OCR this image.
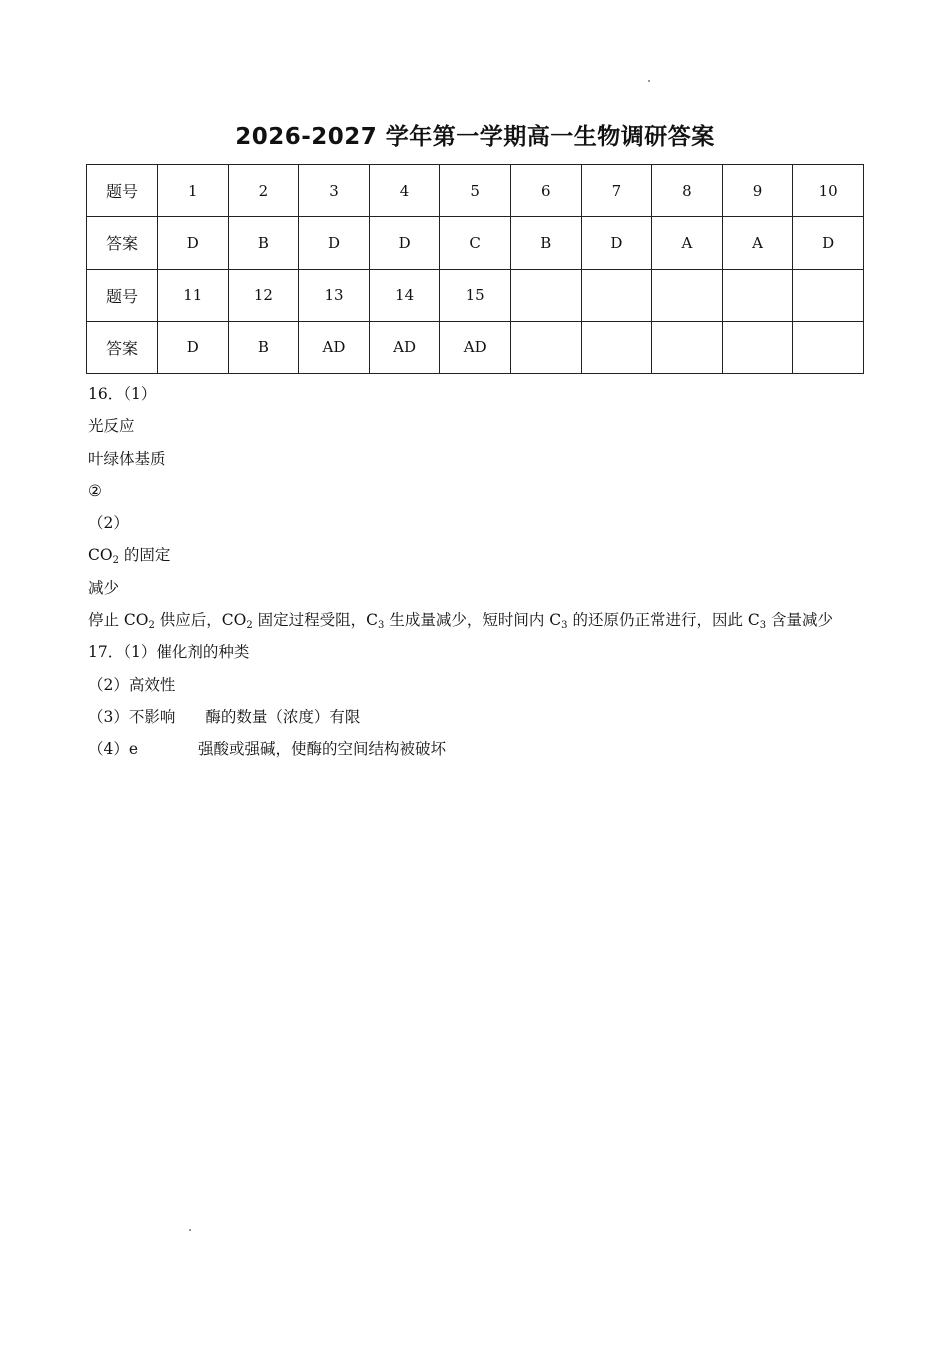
2026-2027 学年第一学期高一生物调研答案
题号	1	2	3	4	5	6	7	8	9	10
答案	D	B	D	D	C	B	D	A	A	D
题号	11	12	13	14	15					
答案	D	B	AD	AD	AD					
16．（1）
光反应
叶绿体基质
②
（2）
$CO_2$ 的固定
减少
停止 $CO_2$ 供应后，$CO_2$ 固定过程受阻，$C_3$ 生成量减少，短时间内 $C_3$ 的还原仍正常进行，因此 $C_3$ 含量减少
17．（1）催化剂的种类
（2）高效性
（3）不影响 酶的数量（浓度）有限
（4）e	强酸或强碱，使酶的空间结构被破坏
